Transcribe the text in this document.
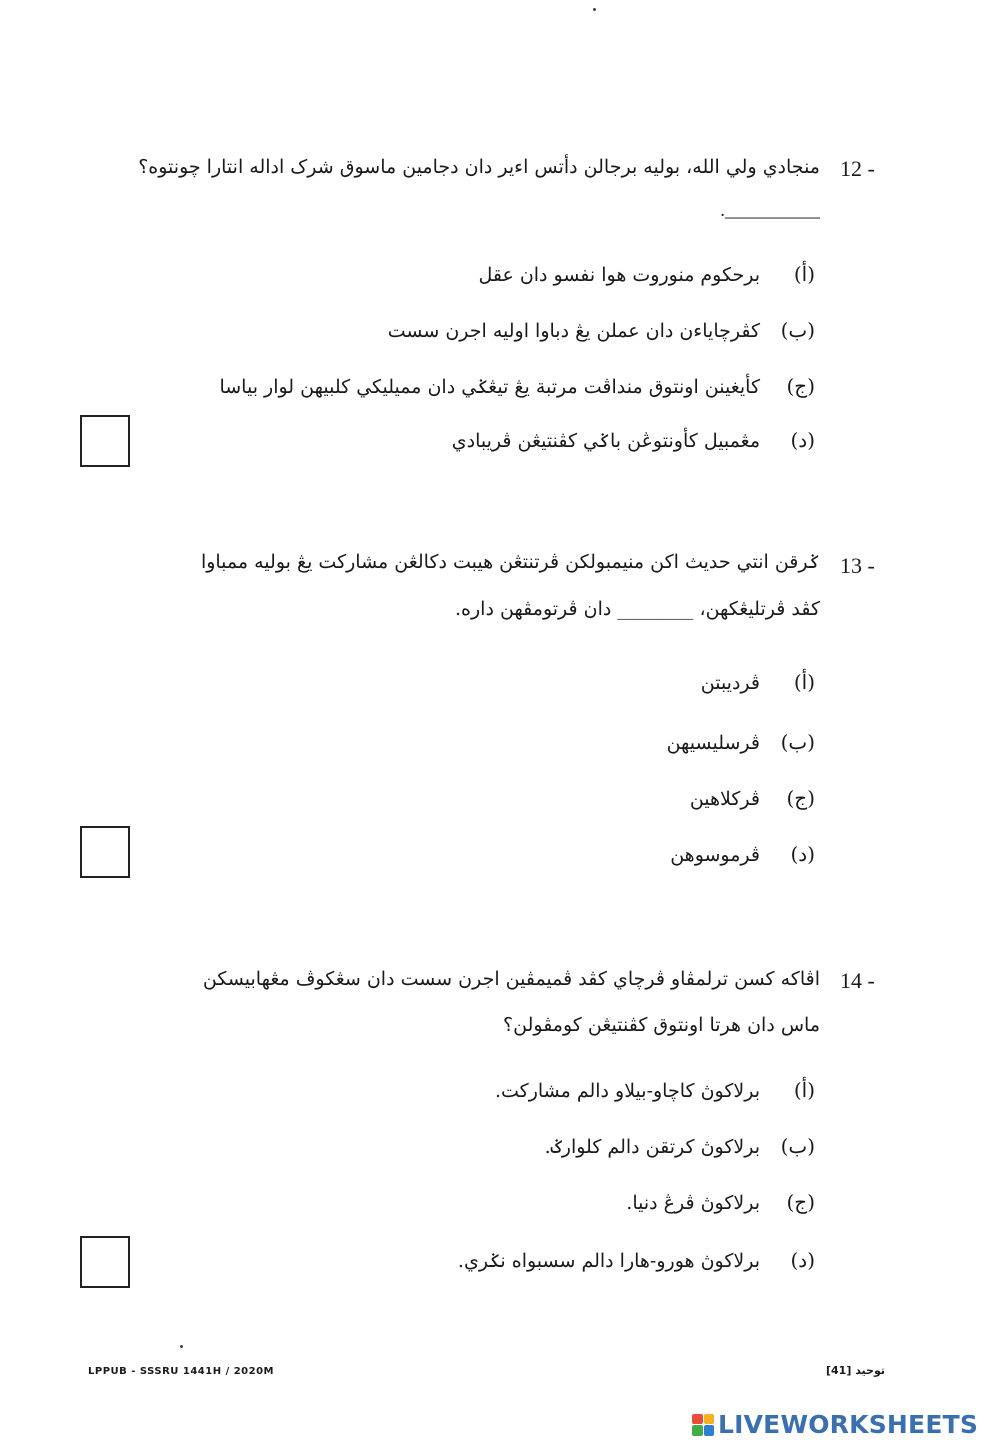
12 -
منجادي ولي الله، بوليه برجالن دأتس اءير دان دجامين ماسوق شرک اداله انتارا چونتوه؟
__________.
(أ)
برحكوم منوروت هوا نفسو دان عقل
(ب)
كڤرچاياءن دان عملن يڠ دباوا اوليه اجرن سست
(ج)
كأيغينن اونتوق منداڤت مرتبة يڠ تيڠݢي دان مميليكي كلبيهن لوار بياسا
(د)
مڠمبيل كأونتوڠن باݢي كڤنتيڠن ڤريبادي
13 -
ݢرقن انتي حديث اكن منيمبولکن ڤرتنتڠن هيبت دکالڠن مشاركت يڠ بوليه ممباوا
كڤد ڤرتليڠكهن، ________ دان ڤرتومڤهن داره.
(أ)
ڤرديبتن
(ب)
ڤرسليسيهن
(ج)
ڤركلاهين
(د)
ڤرموسوهن
14 -
اڤاكه كسن ترلمڤاو ڤرچاي كڤد ڤميمڤين اجرن سست دان سڠكوڤ مڠهابيسکن
ماس دان هرتا اونتوق كڤنتيڠن كومڤولن؟
(أ)
برلاکوڽ کاچاو-بيلاو دالم مشاركت.
(ب)
برلاکوڽ کرتقن دالم کلوارݢ.
(ج)
برلاکوڽ ڤرڠ دنيا.
(د)
برلاکوڽ هورو-هارا دالم سسبواه نݢري.
LPPUB - SSSRU 1441H / 2020M	توحيد [41]
LIVEWORKSHEETS
